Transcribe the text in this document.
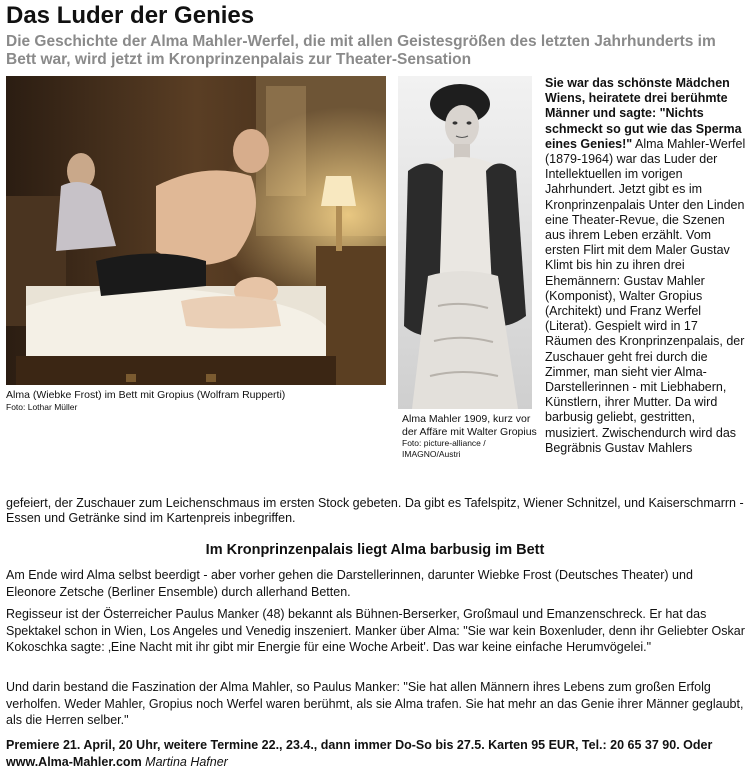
Das Luder der Genies

Die Geschichte der Alma Mahler-Werfel, die mit allen Geistesgrößen des letzten Jahrhunderts im Bett war, wird jetzt im Kronprinzenpalais zur Theater-Sensation

Alma (Wiebke Frost) im Bett mit Gropius (Wolfram Rupperti)
Foto: Lothar Müller
Alma Mahler 1909, kurz vor der Affäre mit Walter Gropius
Foto: picture-alliance / IMAGNO/Austri

Sie war das schönste Mädchen Wiens, heiratete drei berühmte Männer und sagte: "Nichts schmeckt so gut wie das Sperma eines Genies!" Alma Mahler-Werfel (1879-1964) war das Luder der Intellektuellen im vorigen Jahrhundert. Jetzt gibt es im Kronprinzenpalais Unter den Linden eine Theater-Revue, die Szenen aus ihrem Leben erzählt. Vom ersten Flirt mit dem Maler Gustav Klimt bis hin zu ihren drei Ehemännern: Gustav Mahler (Komponist), Walter Gropius (Architekt) und Franz Werfel (Literat). Gespielt wird in 17 Räumen des Kronprinzenpalais, der Zuschauer geht frei durch die Zimmer, man sieht vier Alma-Darstellerinnen - mit Liebhabern, Künstlern, ihrer Mutter. Da wird barbusig geliebt, gestritten, musiziert. Zwischendurch wird das Begräbnis Gustav Mahlers

gefeiert, der Zuschauer zum Leichenschmaus im ersten Stock gebeten. Da gibt es Tafelspitz, Wiener Schnitzel, und Kaiserschmarrn - Essen und Getränke sind im Kartenpreis inbegriffen.

Im Kronprinzenpalais liegt Alma barbusig im Bett

Am Ende wird Alma selbst beerdigt - aber vorher gehen die Darstellerinnen, darunter Wiebke Frost (Deutsches Theater) und Eleonore Zetsche (Berliner Ensemble) durch allerhand Betten.

Regisseur ist der Österreicher Paulus Manker (48) bekannt als Bühnen-Berserker, Großmaul und Emanzenschreck. Er hat das Spektakel schon in Wien, Los Angeles und Venedig inszeniert. Manker über Alma: "Sie war kein Boxenluder, denn ihr Geliebter Oskar Kokoschka sagte: ‚Eine Nacht mit ihr gibt mir Energie für eine Woche Arbeit'. Das war keine einfache Herumvögelei."

Und darin bestand die Faszination der Alma Mahler, so Paulus Manker: "Sie hat allen Männern ihres Lebens zum großen Erfolg verholfen. Weder Mahler, Gropius noch Werfel waren berühmt, als sie Alma trafen. Sie hat mehr an das Genie ihrer Männer geglaubt, als die Herren selber."

Premiere 21. April, 20 Uhr, weitere Termine 22., 23.4., dann immer Do-So bis 27.5. Karten 95 EUR, Tel.: 20 65 37 90. Oder www.Alma-Mahler.com Martina Hafner
